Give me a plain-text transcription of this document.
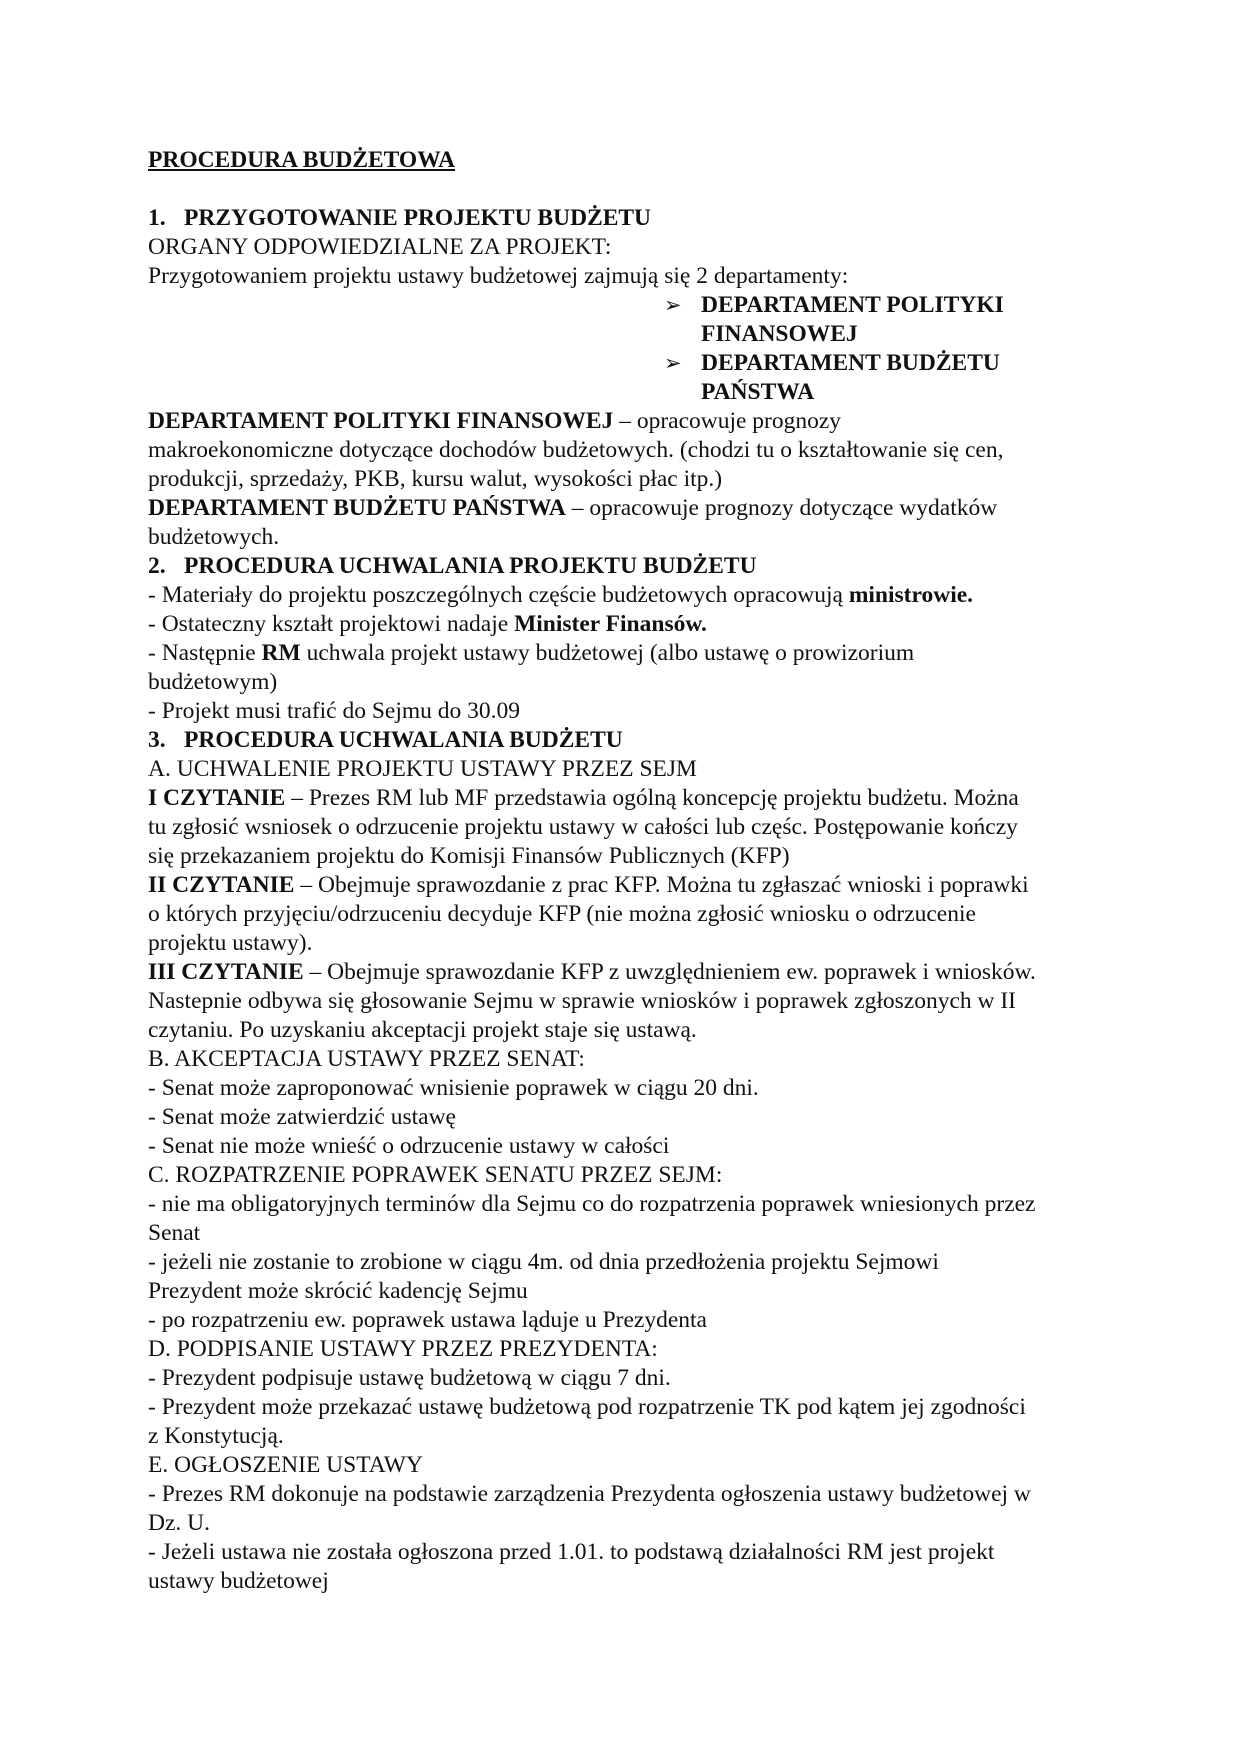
PROCEDURA BUDŻETOWA
1. PRZYGOTOWANIE PROJEKTU BUDŻETU
ORGANY ODPOWIEDZIALNE ZA PROJEKT:
Przygotowaniem projektu ustawy budżetowej zajmują się 2 departamenty:
➢ DEPARTAMENT POLITYKI
FINANSOWEJ
➢ DEPARTAMENT BUDŻETU
PAŃSTWA
DEPARTAMENT POLITYKI FINANSOWEJ – opracowuje prognozy
makroekonomiczne dotyczące dochodów budżetowych. (chodzi tu o kształtowanie się cen,
produkcji, sprzedaży, PKB, kursu walut, wysokości płac itp.)
DEPARTAMENT BUDŻETU PAŃSTWA – opracowuje prognozy dotyczące wydatków
budżetowych.
2. PROCEDURA UCHWALANIA PROJEKTU BUDŻETU
- Materiały do projektu poszczególnych częście budżetowych opracowują ministrowie.
- Ostateczny kształt projektowi nadaje Minister Finansów.
- Następnie RM uchwala projekt ustawy budżetowej (albo ustawę o prowizorium
budżetowym)
- Projekt musi trafić do Sejmu do 30.09
3. PROCEDURA UCHWALANIA BUDŻETU
A. UCHWALENIE PROJEKTU USTAWY PRZEZ SEJM
I CZYTANIE – Prezes RM lub MF przedstawia ogólną koncepcję projektu budżetu. Można
tu zgłosić wsniosek o odrzucenie projektu ustawy w całości lub częśc. Postępowanie kończy
się przekazaniem projektu do Komisji Finansów Publicznych (KFP)
II CZYTANIE – Obejmuje sprawozdanie z prac KFP. Można tu zgłaszać wnioski i poprawki
o których przyjęciu/odrzuceniu decyduje KFP (nie można zgłosić wniosku o odrzucenie
projektu ustawy).
III CZYTANIE – Obejmuje sprawozdanie KFP z uwzględnieniem ew. poprawek i wniosków.
Nastepnie odbywa się głosowanie Sejmu w sprawie wniosków i poprawek zgłoszonych w II
czytaniu. Po uzyskaniu akceptacji projekt staje się ustawą.
B. AKCEPTACJA USTAWY PRZEZ SENAT:
- Senat może zaproponować wnisienie poprawek w ciągu 20 dni.
- Senat może zatwierdzić ustawę
- Senat nie może wnieść o odrzucenie ustawy w całości
C. ROZPATRZENIE POPRAWEK SENATU PRZEZ SEJM:
- nie ma obligatoryjnych terminów dla Sejmu co do rozpatrzenia poprawek wniesionych przez
Senat
- jeżeli nie zostanie to zrobione w ciągu 4m. od dnia przedłożenia projektu Sejmowi
Prezydent może skrócić kadencję Sejmu
- po rozpatrzeniu ew. poprawek ustawa ląduje u Prezydenta
D. PODPISANIE USTAWY PRZEZ PREZYDENTA:
- Prezydent podpisuje ustawę budżetową w ciągu 7 dni.
- Prezydent może przekazać ustawę budżetową pod rozpatrzenie TK pod kątem jej zgodności
z Konstytucją.
E. OGŁOSZENIE USTAWY
- Prezes RM dokonuje na podstawie zarządzenia Prezydenta ogłoszenia ustawy budżetowej w
Dz. U.
- Jeżeli ustawa nie została ogłoszona przed 1.01. to podstawą działalności RM jest projekt
ustawy budżetowej
